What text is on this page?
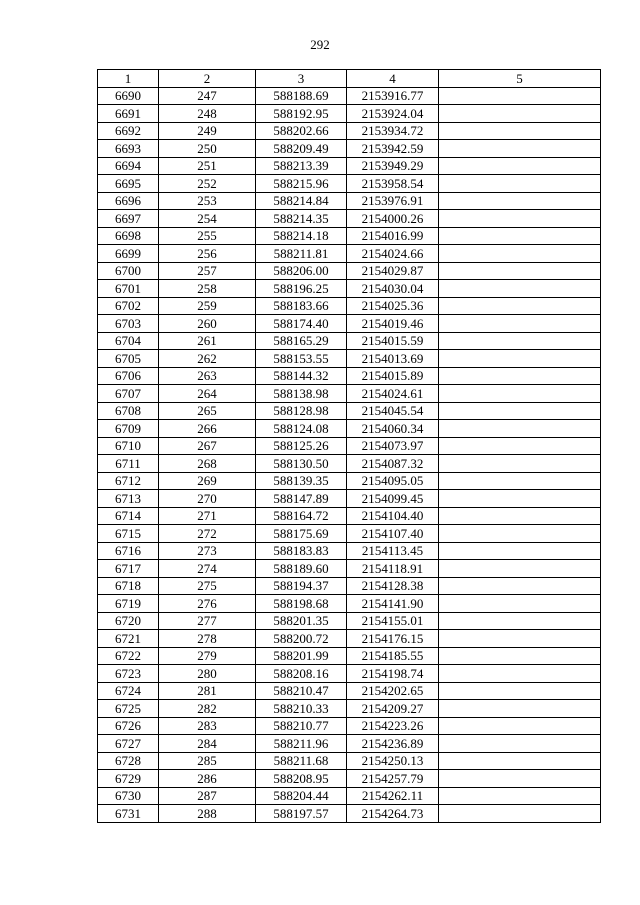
292
1	2	3	4	5
6690	247	588188.69	2153916.77	
6691	248	588192.95	2153924.04	
6692	249	588202.66	2153934.72	
6693	250	588209.49	2153942.59	
6694	251	588213.39	2153949.29	
6695	252	588215.96	2153958.54	
6696	253	588214.84	2153976.91	
6697	254	588214.35	2154000.26	
6698	255	588214.18	2154016.99	
6699	256	588211.81	2154024.66	
6700	257	588206.00	2154029.87	
6701	258	588196.25	2154030.04	
6702	259	588183.66	2154025.36	
6703	260	588174.40	2154019.46	
6704	261	588165.29	2154015.59	
6705	262	588153.55	2154013.69	
6706	263	588144.32	2154015.89	
6707	264	588138.98	2154024.61	
6708	265	588128.98	2154045.54	
6709	266	588124.08	2154060.34	
6710	267	588125.26	2154073.97	
6711	268	588130.50	2154087.32	
6712	269	588139.35	2154095.05	
6713	270	588147.89	2154099.45	
6714	271	588164.72	2154104.40	
6715	272	588175.69	2154107.40	
6716	273	588183.83	2154113.45	
6717	274	588189.60	2154118.91	
6718	275	588194.37	2154128.38	
6719	276	588198.68	2154141.90	
6720	277	588201.35	2154155.01	
6721	278	588200.72	2154176.15	
6722	279	588201.99	2154185.55	
6723	280	588208.16	2154198.74	
6724	281	588210.47	2154202.65	
6725	282	588210.33	2154209.27	
6726	283	588210.77	2154223.26	
6727	284	588211.96	2154236.89	
6728	285	588211.68	2154250.13	
6729	286	588208.95	2154257.79	
6730	287	588204.44	2154262.11	
6731	288	588197.57	2154264.73	
